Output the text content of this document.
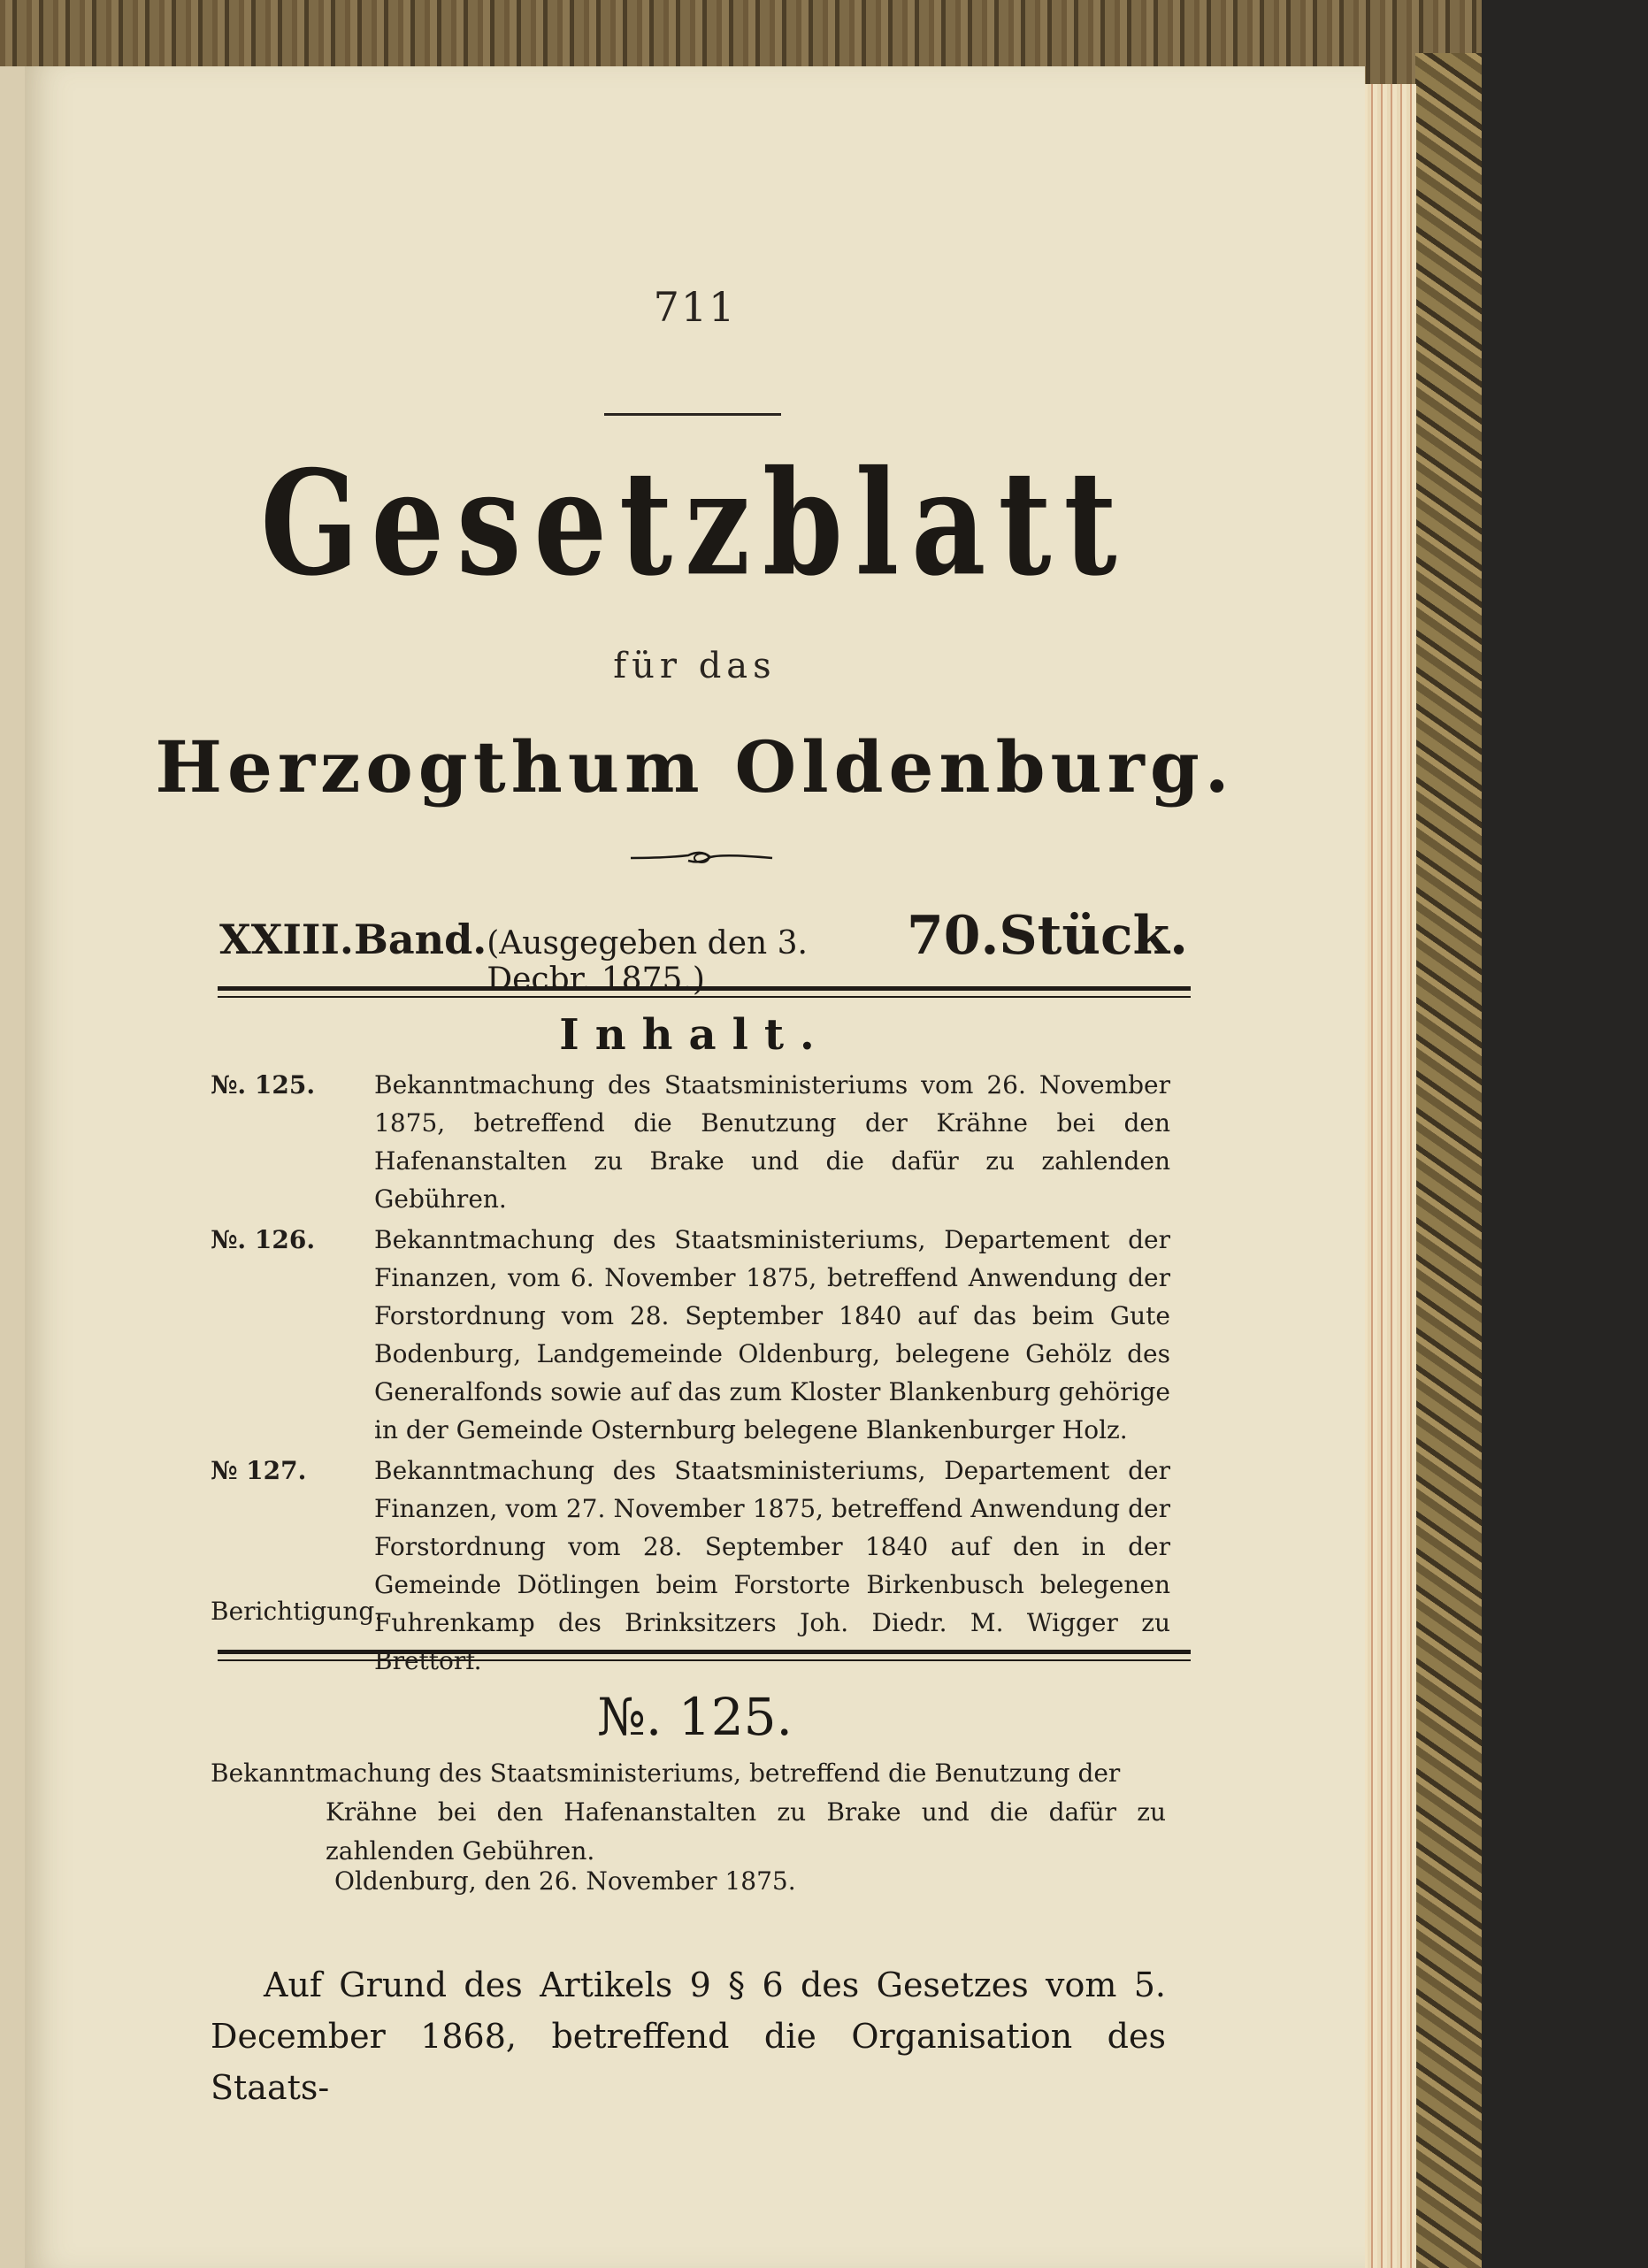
711
Gesetzblatt
für das
Herzogthum Oldenburg.
XXIII.Band. (Ausgegeben den 3. Decbr. 1875.)
70.Stück.
Inhalt.
№. 125.	Bekanntmachung des Staatsministeriums vom 26. November 1875, betreffend die Benutzung der Krähne bei den Hafenanstalten zu Brake und die dafür zu zahlenden Gebühren.
№. 126.	Bekanntmachung des Staatsministeriums, Departement der Finanzen, vom 6. November 1875, betreffend Anwendung der Forstordnung vom 28. September 1840 auf das beim Gute Bodenburg, Landgemeinde Oldenburg, belegene Gehölz des Generalfonds sowie auf das zum Kloster Blankenburg gehörige in der Gemeinde Osternburg belegene Blankenburger Holz.
№ 127.	Bekanntmachung des Staatsministeriums, Departement der Finanzen, vom 27. November 1875, betreffend Anwendung der Forstordnung vom 28. September 1840 auf den in der Gemeinde Dötlingen beim Forstorte Birkenbusch belegenen Fuhrenkamp des Brinksitzers Joh. Diedr. M. Wigger zu Brettorf.
Berichtigung.
№. 125.
Bekanntmachung des Staatsministeriums, betreffend die Benutzung der
Krähne bei den Hafenanstalten zu Brake und die dafür zu zahlenden Gebühren.
Oldenburg, den 26. November 1875.
Auf Grund des Artikels 9 § 6 des Gesetzes vom 5. December 1868, betreffend die Organisation des Staats-
